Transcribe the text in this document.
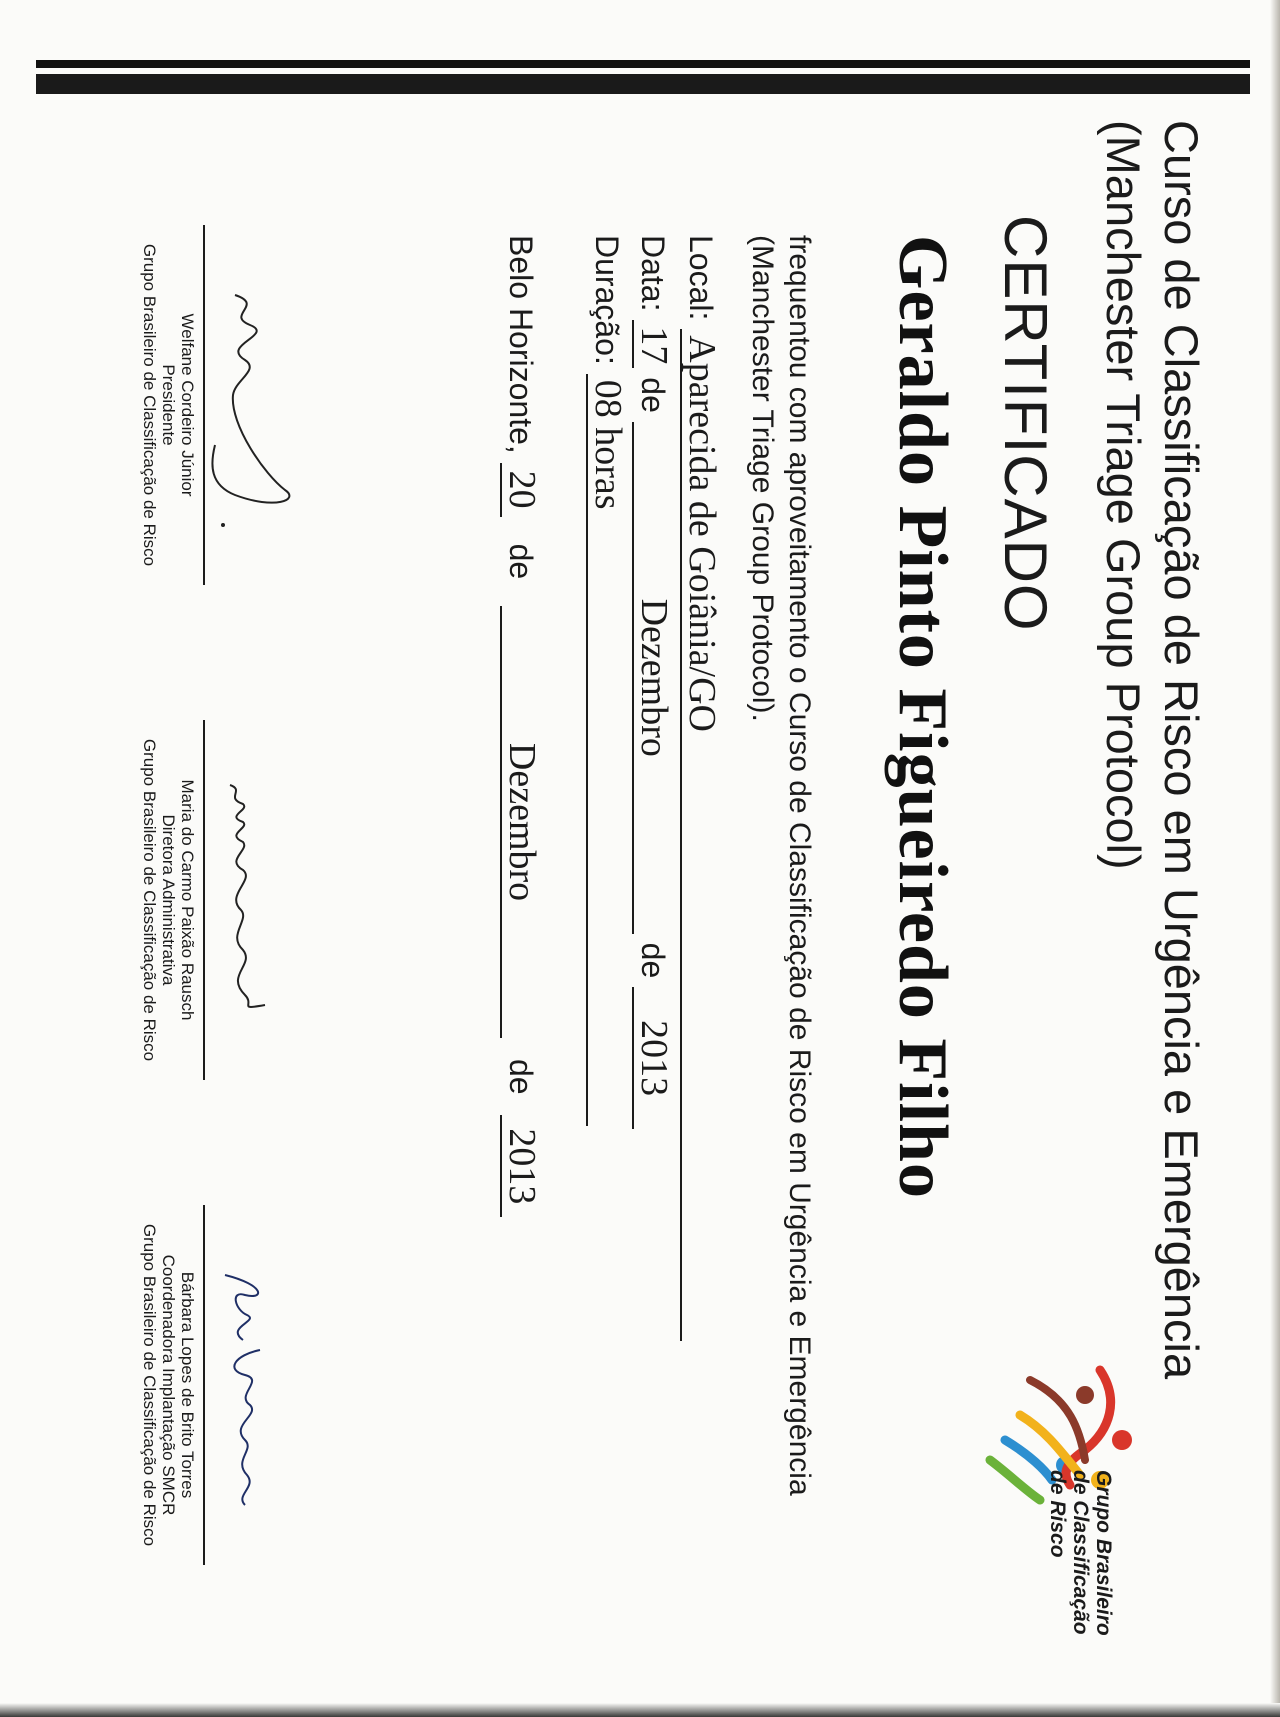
Curso de Classificação de Risco em Urgência e Emergência
(Manchester Triage Group Protocol)
CERTIFICADO
Geraldo Pinto Figueiredo Filho
frequentou com aproveitamento o Curso de Classificação de Risco em Urgência e Emergência
(Manchester Triage Group Protocol).
Local: Aparecida de Goiânia/GO
Data: 17 de Dezembro de 2013
Duração: 08 horas
Belo Horizonte, 20 de Dezembro de 2013
Welfane Cordeiro Júnior
Presidente
Grupo Brasileiro de Classificação de Risco
Maria do Carmo Paixão Rausch
Diretora Administrativa
Grupo Brasileiro de Classificação de Risco
Bárbara Lopes de Brito Torres
Coordenadora Implantação SMCR
Grupo Brasileiro de Classificação de Risco
Grupo Brasileiro
de Classificação
de Risco
